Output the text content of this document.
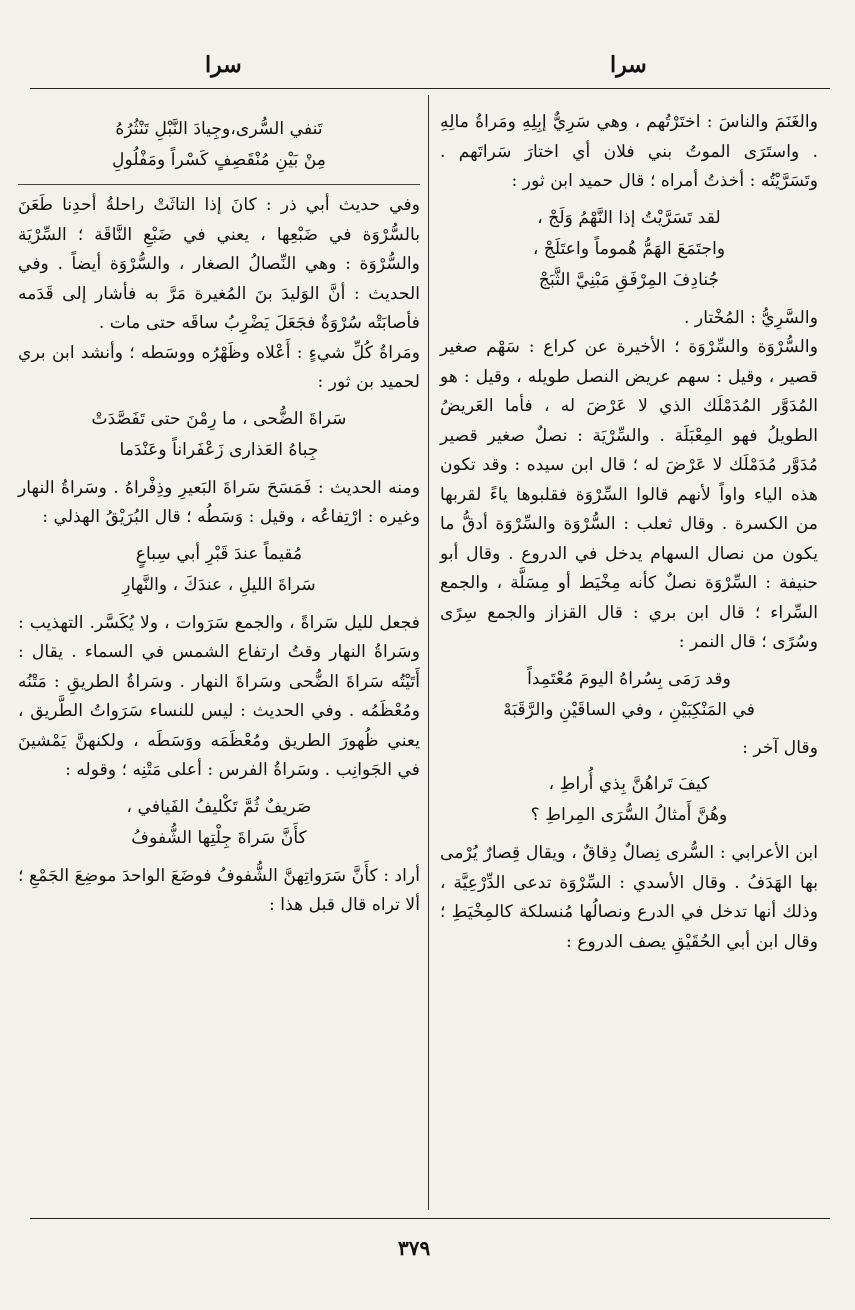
سرا
سرا

والغَنَمَ والناسَ : اختَرْتُهم ، وهي سَرِيٌّ إبِلِهِ ومَراةُ مالِهِ . واستَرَى الموتُ بني فلان أي اختارَ سَراتَهم . وتَسَرَّيْتُه : أخذتُ أمراه ؛ قال حميد ابن ثور :

لقد تَسَرَّيْتُ إذا النَّهْمُ وَلَجْ ،

واجتَمَعَ الهَمُّ هُموماً واعتَلَجْ ،

جُنادِفَ المِرْفَقِ مَبْنِيَّ الثَّبَجْ

والسَّرِيُّ : المُخْتار .

والسُّرْوَة والسِّرْوَة ؛ الأخيرة عن كراع : سَهْم صغير قصير ، وقيل : سهم عريض النصل طويله ، وقيل : هو المُدَوَّر المُدَمْلَك الذي لا عَرْضَ له ، فأما العَريضُ الطويلُ فهو المِعْبَلَة . والسِّرْيَة : نصلٌ صغير قصير مُدَوَّر مُدَمْلَك لا عَرْضَ له ؛ قال ابن سيده : وقد تكون هذه الياء واواً لأنهم قالوا السِّرْوَة فقلبوها ياءً لقربها من الكسرة . وقال ثعلب : السُّرْوَة والسِّرْوَة أدقُّ ما يكون من نصال السهام يدخل في الدروع . وقال أبو حنيفة : السِّرْوَة نصلٌ كأنه مِخْيَط أو مِسَلَّة ، والجمع السِّراء ؛ قال ابن بري : قال القزاز والجمع سِرًى وسُرًى ؛ قال النمر :

وقد رَمَى بِسُراهُ اليومَ مُعْتَمِداً

في المَنْكِبَيْنِ ، وفي الساقَيْنِ والرَّقَبَهْ

وقال آخر :

كيفَ تَراهُنَّ بِذي أُراطِ ،

وهُنَّ أَمثالُ السُّرَى المِراطِ ؟

ابن الأعرابي : السُّرى نِصالٌ دِقاقٌ ، ويقال قِصارٌ يُرْمى بها الهَدَفُ . وقال الأسدي : السِّرْوَة تدعى الدِّرْعِيَّة ، وذلك أنها تدخل في الدرع ونصالُها مُنسلكة كالمِخْيَطِ ؛ وقال ابن أبي الحُقَيْقِ يصف الدروع :

تَنفي السُّرى،وجِيادَ النَّبْلِ تَنْثُرُهُ

مِنْ بَيْنِ مُنْقَصِفٍ كَسْراً ومَفْلُولِ

وفي حديث أبي ذر : كانَ إذا التاثَتْ راحلةُ أحدِنا طَعَنَ بالسُّرْوَة في ضَبْعِها ، يعني في ضَبْعِ النَّاقَة ؛ السِّرْيَة والسُّرْوَة : وهي النِّصالُ الصغار ، والسُّرْوَة أيضاً . وفي الحديث : أنَّ الوَليدَ بنَ المُغيرة مَرَّ به فأشار إلى قَدَمه فأصابَتْه سُرْوَةٌ فجَعَلَ يَضْرِبُ ساقَه حتى مات .

ومَراةُ كُلِّ شيءٍ : أَعْلاه وظَهْرُه ووسَطه ؛ وأنشد ابن بري لحميد بن ثور :

سَراةَ الضُّحى ، ما رِمْنَ حتى تَفَصَّدَتْ

جِباهُ العَذارى زَعْفَراناً وعَنْدَما

ومنه الحديث : فَمَسَحَ سَراةَ البَعيرِ وذِفْراهُ . وسَراةُ النهار وغيره : ارْتِفاعُه ، وقيل : وَسَطُه ؛ قال البُرَيْقُ الهذلي :

مُقيماً عندَ قَبْرِ أبي سِباعٍ

سَراةَ الليلِ ، عندَكَ ، والنَّهارِ

فجعل لليل سَراةً ، والجمع سَرَوات ، ولا يُكَسَّر. التهذيب : وسَراةُ النهار وقتُ ارتفاع الشمس في السماء . يقال : أَتَيْتُه سَراةَ الضُّحى وسَراةَ النهار . وسَراةُ الطريقِ : مَتْنُه ومُعْظَمُه . وفي الحديث : ليس للنساء سَرَواتُ الطَّريق ، يعني ظُهورَ الطريق ومُعْظَمَه ووَسَطَه ، ولكنهنَّ يَمْشينَ في الجَوانِب . وسَراةُ الفرس : أعلى مَتْنِه ؛ وقوله :

صَريفٌ ثُمَّ تَكْليفُ الفَيافي ،

كأَنَّ سَراةَ جِلْتِها الشُّفوفُ

أراد : كأَنَّ سَرَواتِهنَّ الشُّفوفُ فوضَعَ الواحدَ موضِعَ الجَمْعِ ؛ ألا تراه قال قبل هذا :

٣٧٩
